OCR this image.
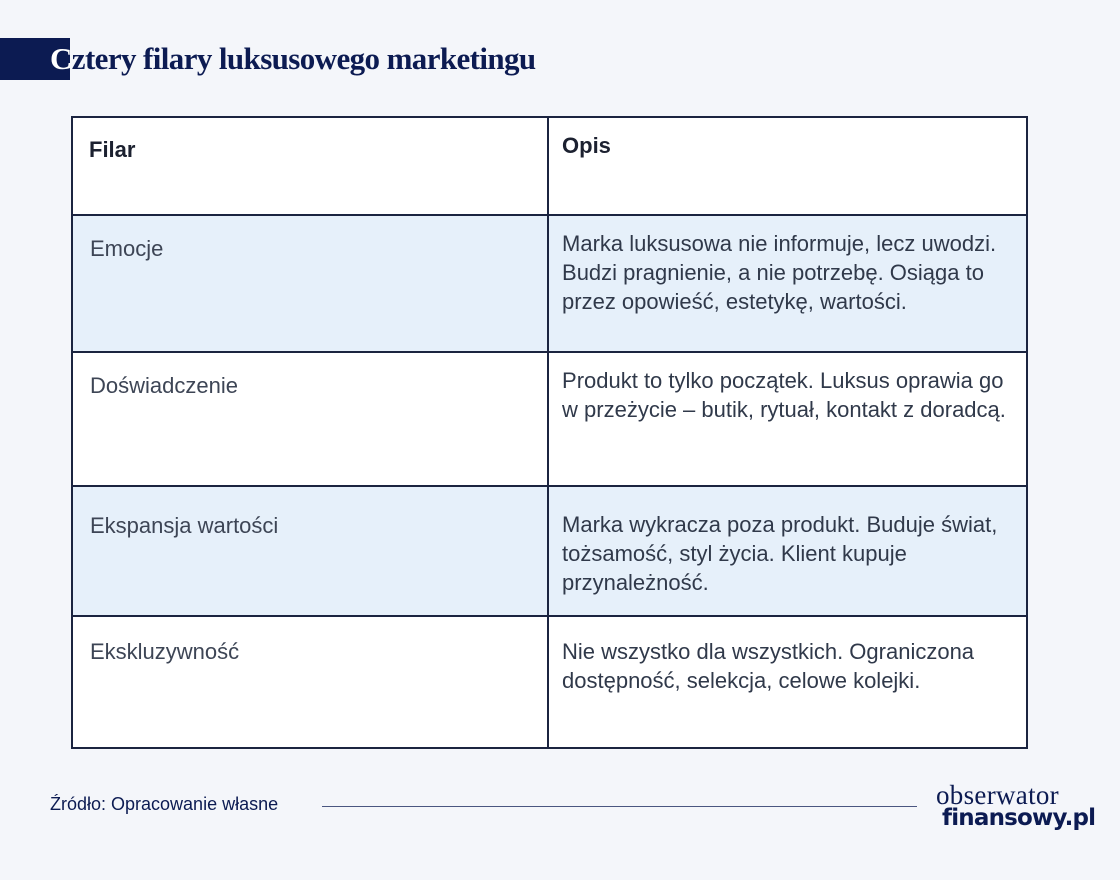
Cztery filary luksusowego marketingu
Filar	Opis
Emocje	Marka luksusowa nie informuje, lecz uwodzi. Budzi pragnienie, a nie potrzebę. Osiąga to przez opowieść, estetykę, wartości.
Doświadczenie	Produkt to tylko początek. Luksus oprawia go w przeżycie – butik, rytuał, kontakt z doradcą.
Ekspansja wartości	Marka wykracza poza produkt. Buduje świat, tożsamość, styl życia. Klient kupuje przynależność.
Ekskluzywność	Nie wszystko dla wszystkich. Ograniczona dostępność, selekcja, celowe kolejki.
Źródło: Opracowanie własne	obserwator
finansowy.pl
